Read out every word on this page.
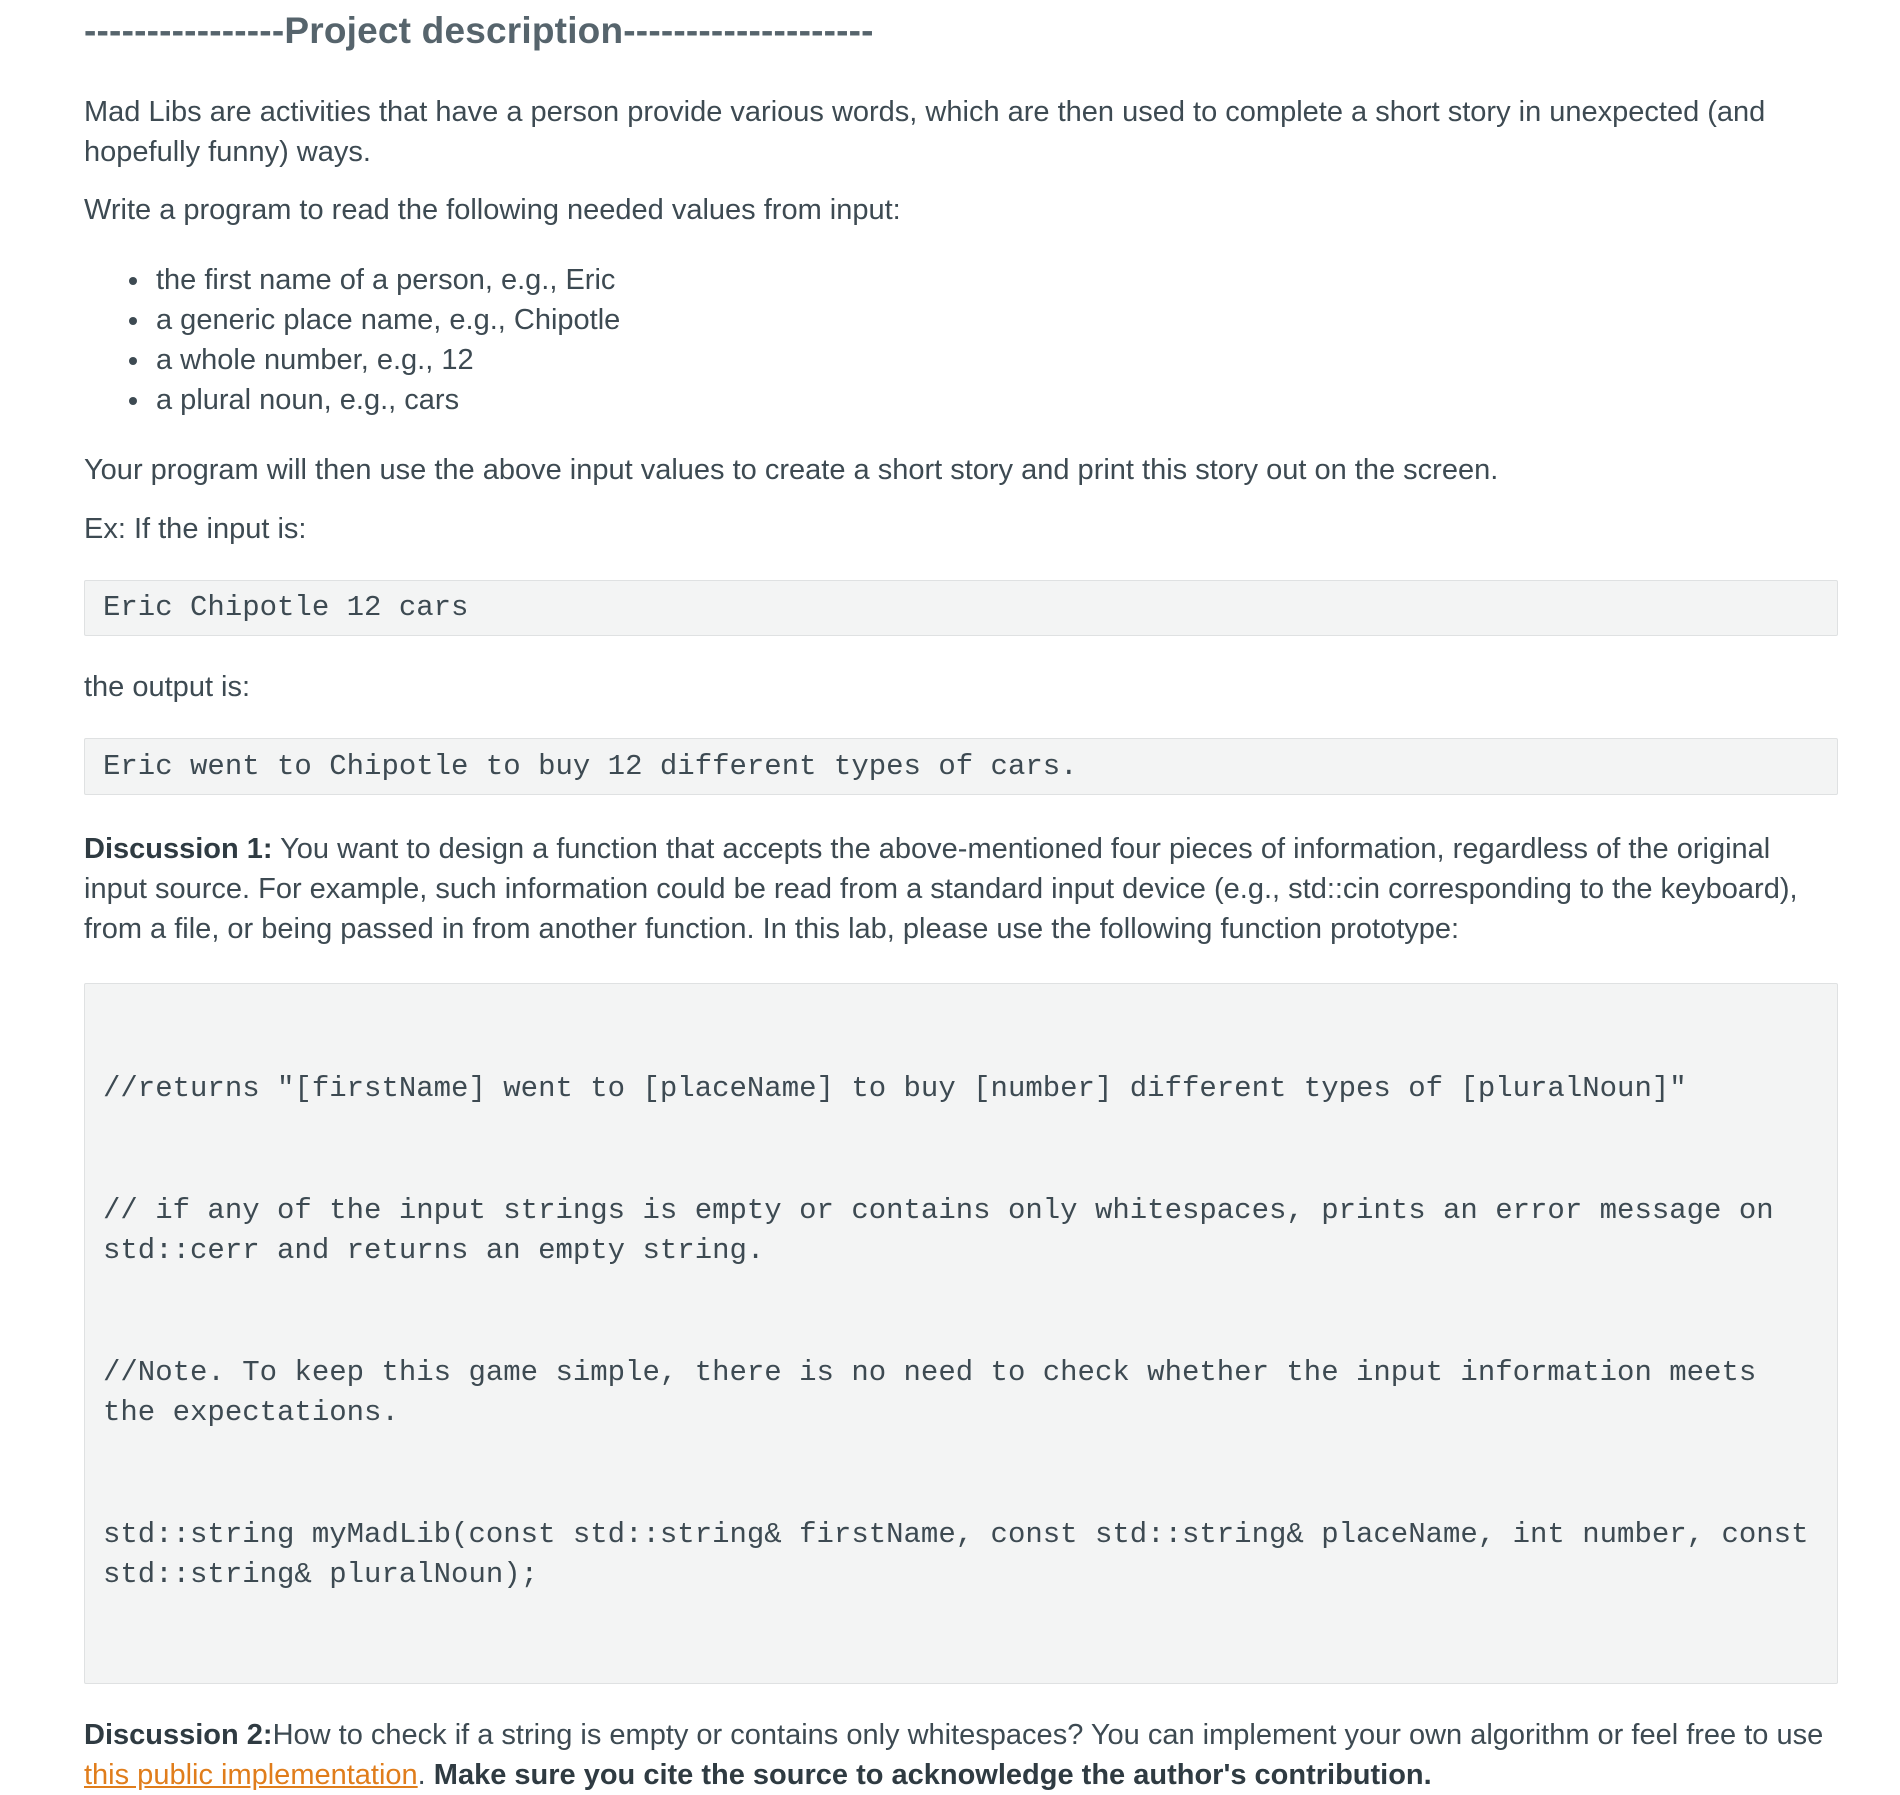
----------------Project description--------------------

Mad Libs are activities that have a person provide various words, which are then used to complete a short story in unexpected (and hopefully funny) ways.

Write a program to read the following needed values from input:

the first name of a person, e.g., Eric
a generic place name, e.g., Chipotle
a whole number, e.g., 12
a plural noun, e.g., cars

Your program will then use the above input values to create a short story and print this story out on the screen.

Ex: If the input is:

Eric Chipotle 12 cars

the output is:

Eric went to Chipotle to buy 12 different types of cars.

Discussion 1: You want to design a function that accepts the above-mentioned four pieces of information, regardless of the original input source. For example, such information could be read from a standard input device (e.g., std::cin corresponding to the keyboard), from a file, or being passed in from another function. In this lab, please use the following function prototype:

//returns "[firstName] went to [placeName] to buy [number] different types of [pluralNoun]"

// if any of the input strings is empty or contains only whitespaces, prints an error message on std::cerr and returns an empty string.

//Note. To keep this game simple, there is no need to check whether the input information meets the expectations.

std::string myMadLib(const std::string& firstName, const std::string& placeName, int number, const std::string& pluralNoun);

Discussion 2:How to check if a string is empty or contains only whitespaces? You can implement your own algorithm or feel free to use this public implementation. Make sure you cite the source to acknowledge the author's contribution.
